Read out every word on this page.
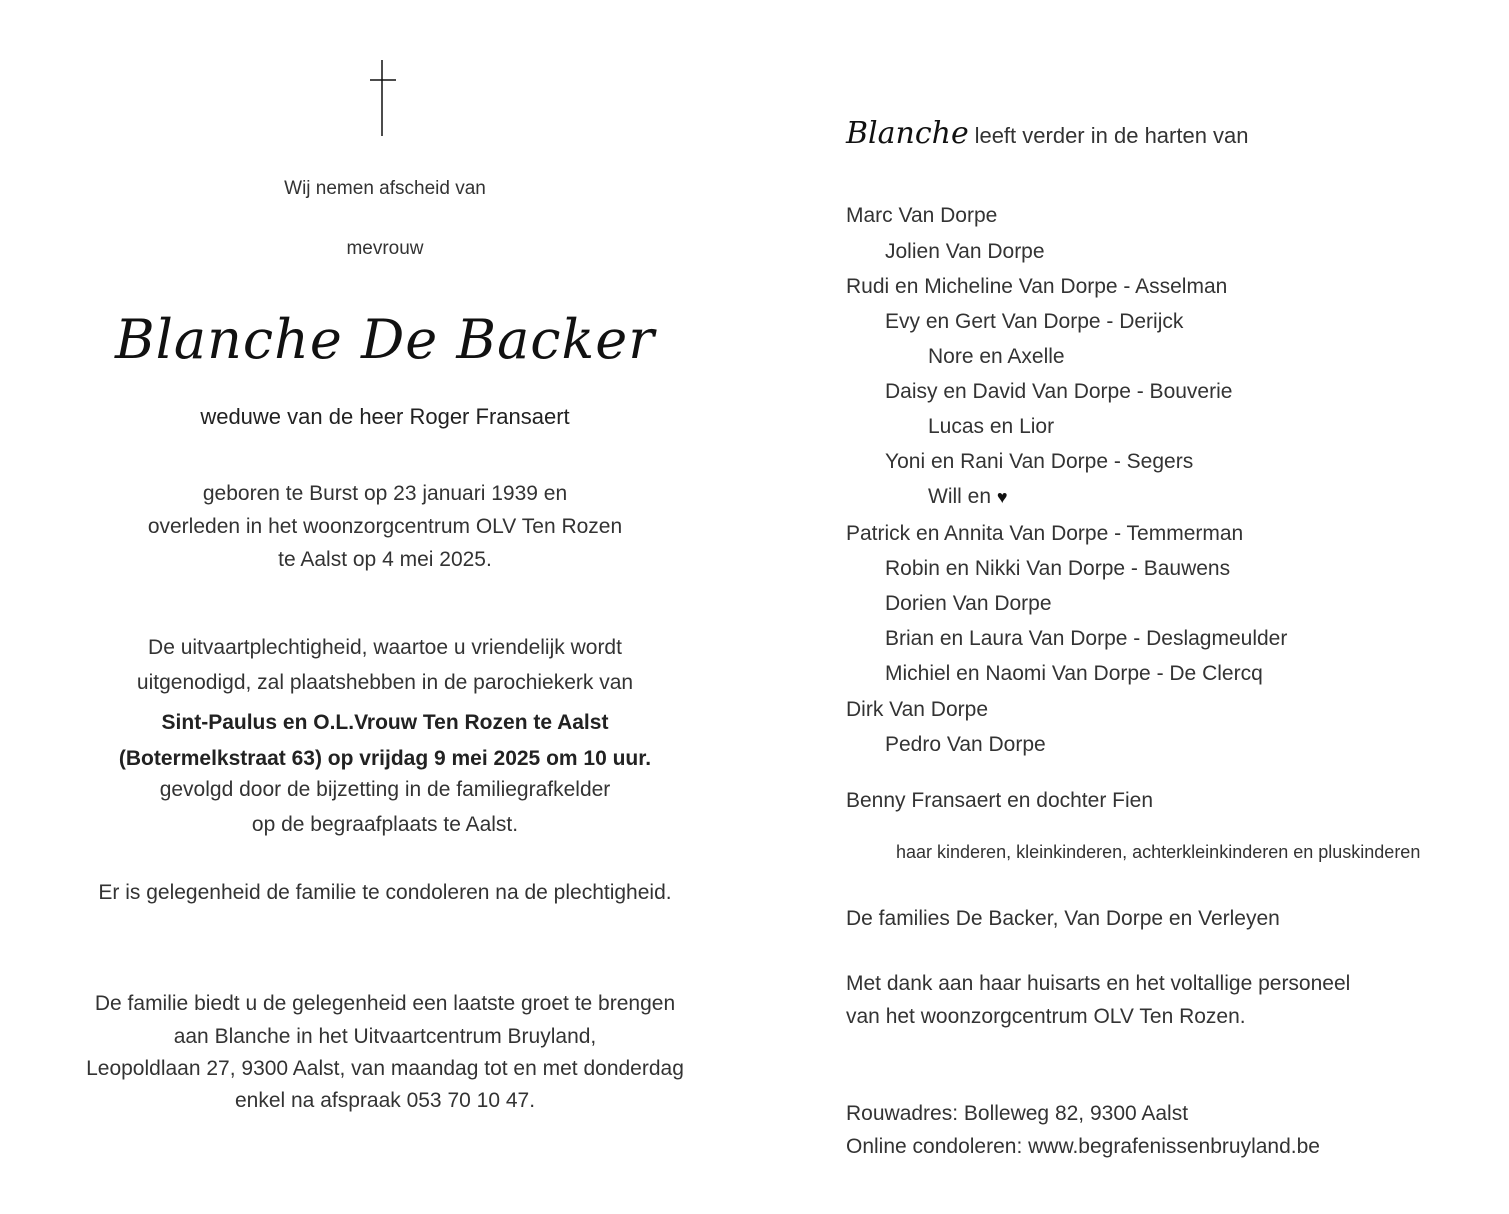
Wij nemen afscheid van
mevrouw
Blanche De Backer
weduwe van de heer Roger Fransaert
geboren te Burst op 23 januari 1939 en
overleden in het woonzorgcentrum OLV Ten Rozen
te Aalst op 4 mei 2025.
De uitvaartplechtigheid, waartoe u vriendelijk wordt
uitgenodigd, zal plaatshebben in de parochiekerk van
Sint-Paulus en O.L.Vrouw Ten Rozen te Aalst
(Botermelkstraat 63) op vrijdag 9 mei 2025 om 10 uur.
gevolgd door de bijzetting in de familiegrafkelder
op de begraafplaats te Aalst.
Er is gelegenheid de familie te condoleren na de plechtigheid.
De familie biedt u de gelegenheid een laatste groet te brengen
aan Blanche in het Uitvaartcentrum Bruyland,
Leopoldlaan 27, 9300 Aalst, van maandag tot en met donderdag
enkel na afspraak 053 70 10 47.
Blanche leeft verder in de harten van
Marc Van Dorpe
Jolien Van Dorpe
Rudi en Micheline Van Dorpe - Asselman
Evy en Gert Van Dorpe - Derijck
Nore en Axelle
Daisy en David Van Dorpe - Bouverie
Lucas en Lior
Yoni en Rani Van Dorpe - Segers
Will en ♥
Patrick en Annita Van Dorpe - Temmerman
Robin en Nikki Van Dorpe - Bauwens
Dorien Van Dorpe
Brian en Laura Van Dorpe - Deslagmeulder
Michiel en Naomi Van Dorpe - De Clercq
Dirk Van Dorpe
Pedro Van Dorpe
Benny Fransaert en dochter Fien
haar kinderen, kleinkinderen, achterkleinkinderen en pluskinderen
De families De Backer, Van Dorpe en Verleyen
Met dank aan haar huisarts en het voltallige personeel
van het woonzorgcentrum OLV Ten Rozen.
Rouwadres: Bolleweg 82, 9300 Aalst
Online condoleren: www.begrafenissenbruyland.be
